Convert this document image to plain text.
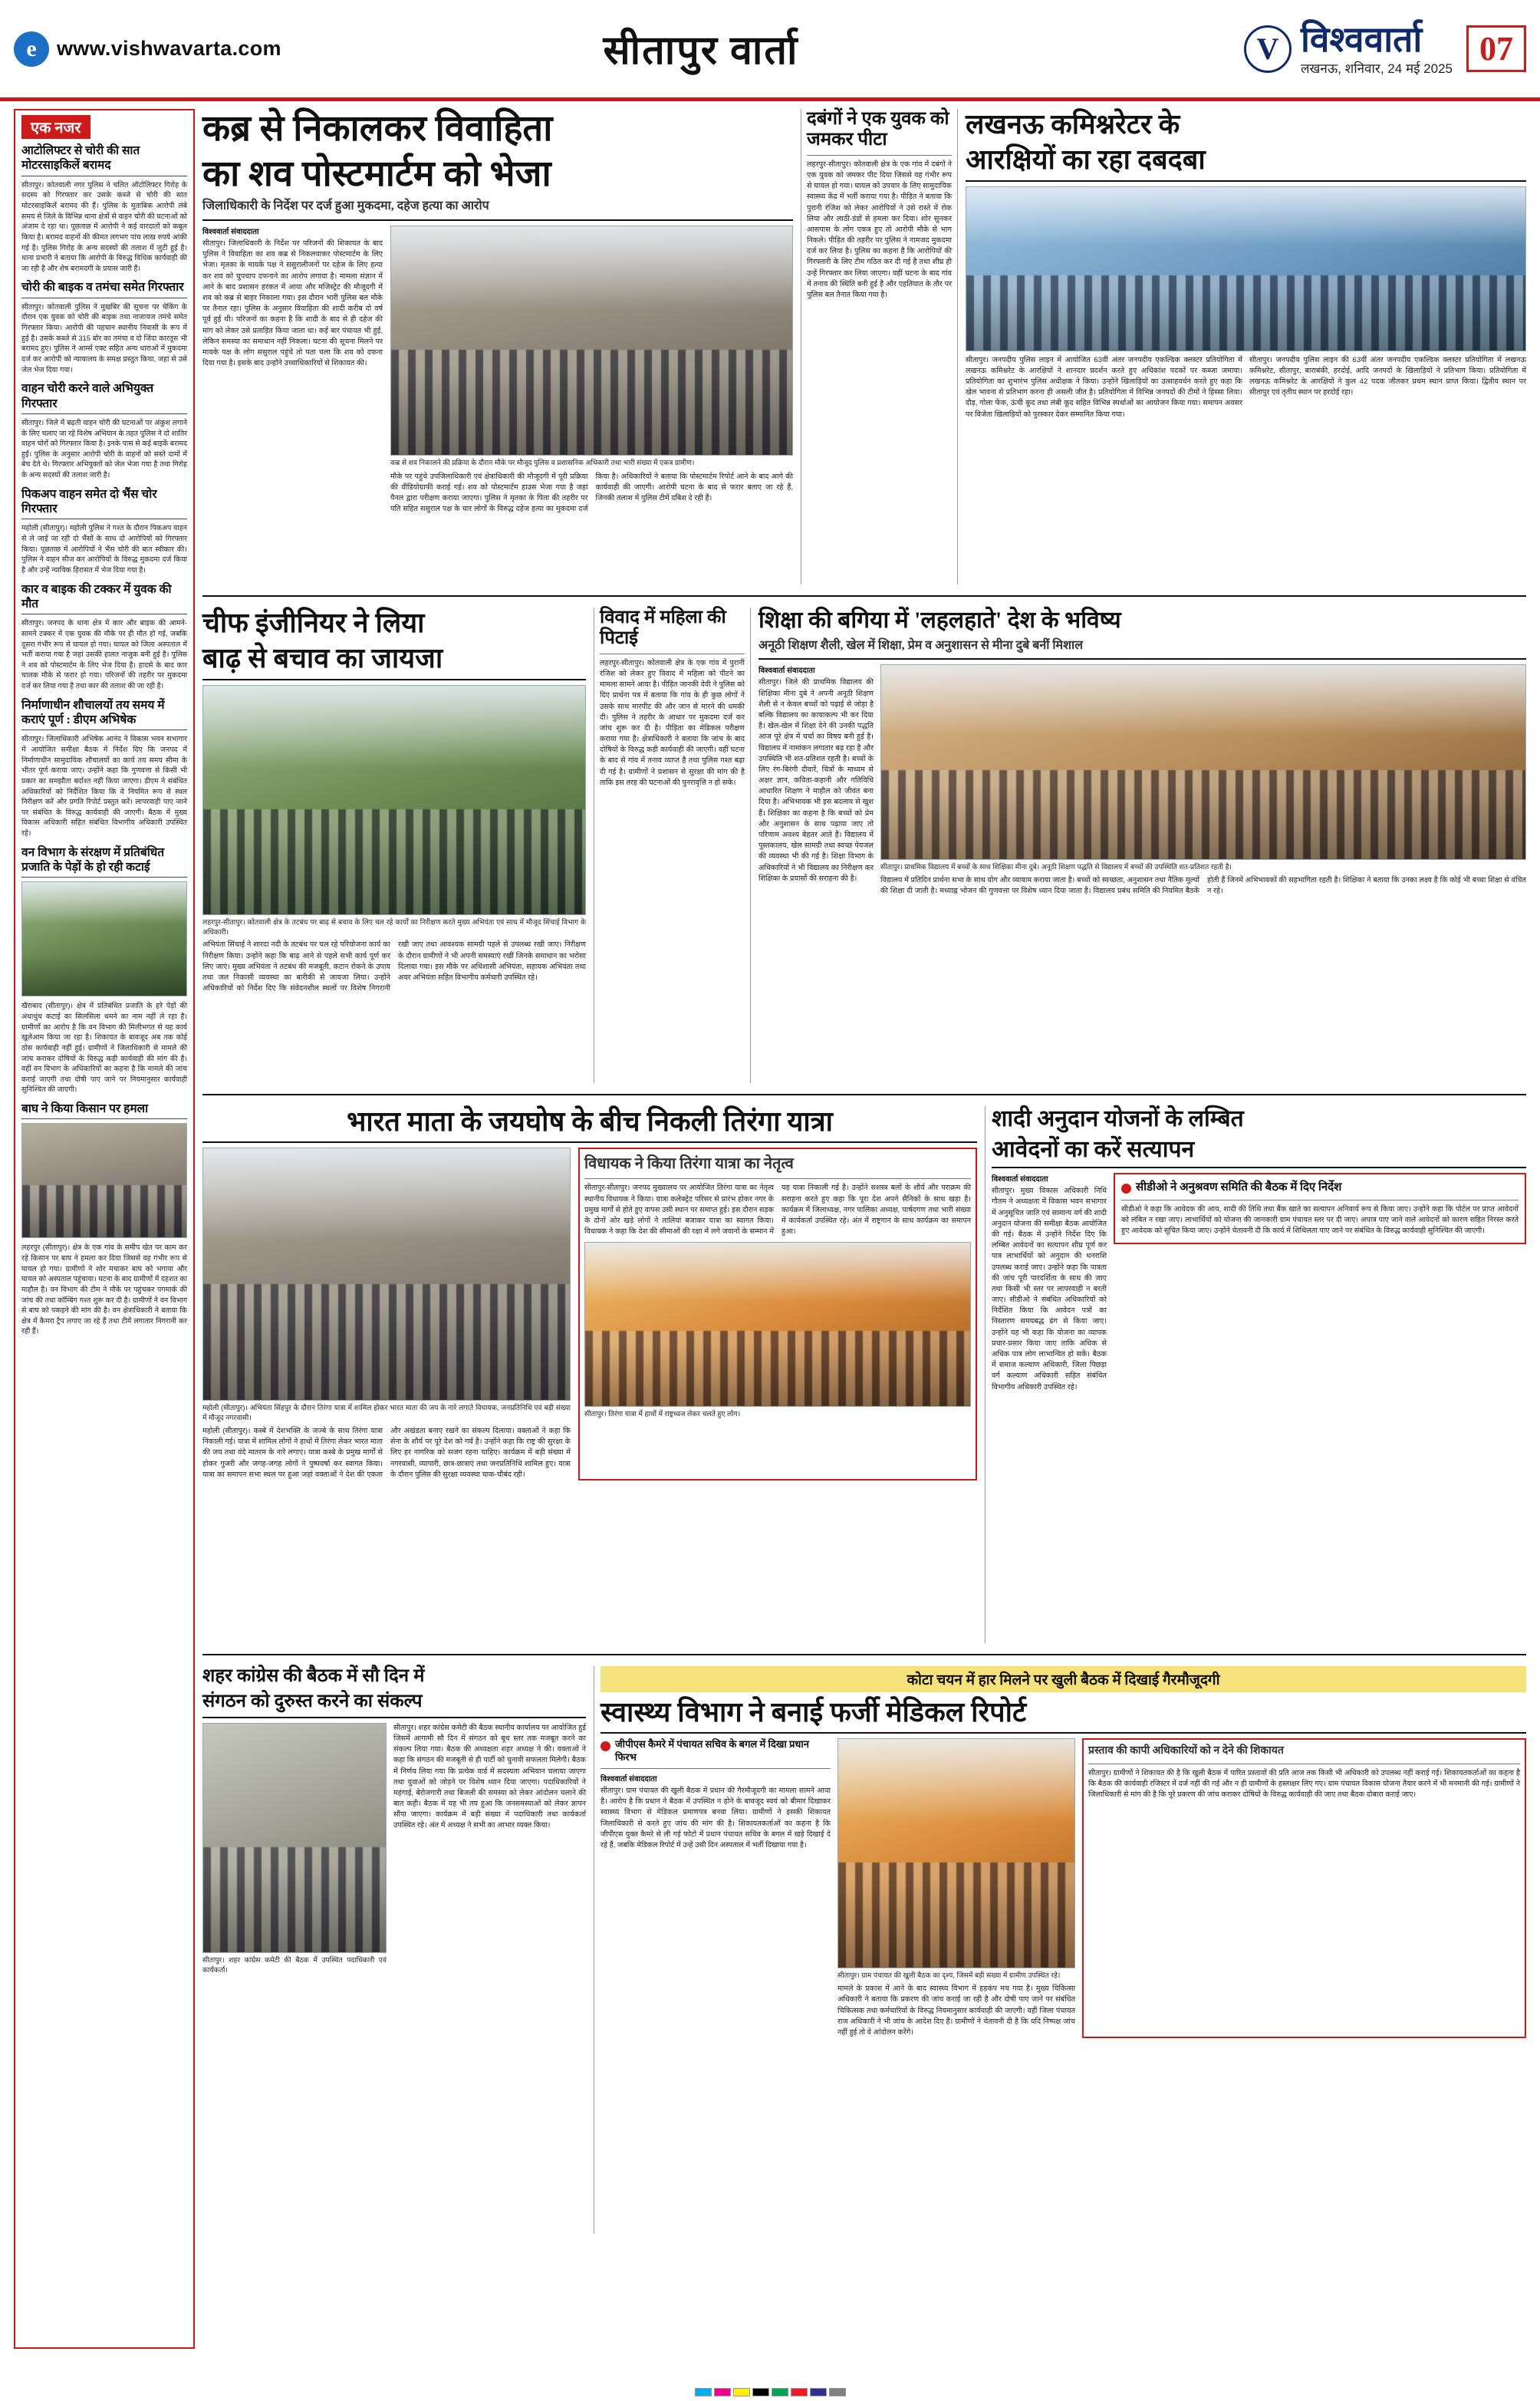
e www.vishwavarta.com	सीतापुर वार्ता	V विश्ववार्ता
लखनऊ, शनिवार, 24 मई 2025
07
एक नजर
आटोलिफ्टर से चोरी की सात मोटरसाइकिलें बरामद
सीतापुर। कोतवाली नगर पुलिस ने चलित ऑटोलिफ्टर गिरोह के सदस्य को गिरफ्तार कर उसके कब्जे से चोरी की सात मोटरसाइकिलें बरामद की हैं। पुलिस के मुताबिक आरोपी लंबे समय से जिले के विभिन्न थाना क्षेत्रों से वाहन चोरी की घटनाओं को अंजाम दे रहा था। पूछताछ में आरोपी ने कई वारदातों को कबूल किया है। बरामद वाहनों की कीमत लगभग पांच लाख रुपये आंकी गई है। पुलिस गिरोह के अन्य सदस्यों की तलाश में जुटी हुई है। थाना प्रभारी ने बताया कि आरोपी के विरुद्ध विधिक कार्यवाही की जा रही है और शेष बरामदगी के प्रयास जारी हैं।
चोरी की बाइक व तमंचा समेत गिरफ्तार
सीतापुर। कोतवाली पुलिस ने मुखबिर की सूचना पर चेकिंग के दौरान एक युवक को चोरी की बाइक तथा नाजायज तमंचे समेत गिरफ्तार किया। आरोपी की पहचान स्थानीय निवासी के रूप में हुई है। उसके कब्जे से 315 बोर का तमंचा व दो जिंदा कारतूस भी बरामद हुए। पुलिस ने आर्म्स एक्ट सहित अन्य धाराओं में मुकदमा दर्ज कर आरोपी को न्यायालय के समक्ष प्रस्तुत किया, जहां से उसे जेल भेज दिया गया।
वाहन चोरी करने वाले अभियुक्त गिरफ्तार
सीतापुर। जिले में बढ़ती वाहन चोरी की घटनाओं पर अंकुश लगाने के लिए चलाए जा रहे विशेष अभियान के तहत पुलिस ने दो शातिर वाहन चोरों को गिरफ्तार किया है। इनके पास से कई बाइकें बरामद हुईं। पुलिस के अनुसार आरोपी चोरी के वाहनों को सस्ते दामों में बेच देते थे। गिरफ्तार अभियुक्तों को जेल भेजा गया है तथा गिरोह के अन्य सदस्यों की तलाश जारी है।
पिकअप वाहन समेत दो भैंस चोर गिरफ्तार
महोली (सीतापुर)। महोली पुलिस ने गश्त के दौरान पिकअप वाहन से ले जाई जा रही दो भैंसों के साथ दो आरोपियों को गिरफ्तार किया। पूछताछ में आरोपियों ने भैंस चोरी की बात स्वीकार की। पुलिस ने वाहन सीज कर आरोपियों के विरुद्ध मुकदमा दर्ज किया है और उन्हें न्यायिक हिरासत में भेज दिया गया है।
कार व बाइक की टक्कर में युवक की मौत
सीतापुर। जनपद के थाना क्षेत्र में कार और बाइक की आमने-सामने टक्कर में एक युवक की मौके पर ही मौत हो गई, जबकि दूसरा गंभीर रूप से घायल हो गया। घायल को जिला अस्पताल में भर्ती कराया गया है जहां उसकी हालत नाजुक बनी हुई है। पुलिस ने शव को पोस्टमार्टम के लिए भेज दिया है। हादसे के बाद कार चालक मौके से फरार हो गया। परिजनों की तहरीर पर मुकदमा दर्ज कर लिया गया है तथा कार की तलाश की जा रही है।
निर्माणाधीन शौचालयों तय समय में कराएं पूर्ण : डीएम अभिषेक
सीतापुर। जिलाधिकारी अभिषेक आनंद ने विकास भवन सभागार में आयोजित समीक्षा बैठक में निर्देश दिए कि जनपद में निर्माणाधीन सामुदायिक शौचालयों का कार्य तय समय सीमा के भीतर पूर्ण कराया जाए। उन्होंने कहा कि गुणवत्ता से किसी भी प्रकार का समझौता बर्दाश्त नहीं किया जाएगा। डीएम ने संबंधित अधिकारियों को निर्देशित किया कि वे नियमित रूप से स्थल निरीक्षण करें और प्रगति रिपोर्ट प्रस्तुत करें। लापरवाही पाए जाने पर संबंधित के विरुद्ध कार्यवाही की जाएगी। बैठक में मुख्य विकास अधिकारी सहित संबंधित विभागीय अधिकारी उपस्थित रहे।
वन विभाग के संरक्षण में प्रतिबंधित प्रजाति के पेड़ों के हो रही कटाई
खैराबाद (सीतापुर)। क्षेत्र में प्रतिबंधित प्रजाति के हरे पेड़ों की अंधाधुंध कटाई का सिलसिला थमने का नाम नहीं ले रहा है। ग्रामीणों का आरोप है कि वन विभाग की मिलीभगत से यह कार्य खुलेआम किया जा रहा है। शिकायत के बावजूद अब तक कोई ठोस कार्यवाही नहीं हुई। ग्रामीणों ने जिलाधिकारी से मामले की जांच कराकर दोषियों के विरुद्ध कड़ी कार्यवाही की मांग की है। वहीं वन विभाग के अधिकारियों का कहना है कि मामले की जांच कराई जाएगी तथा दोषी पाए जाने पर नियमानुसार कार्यवाही सुनिश्चित की जाएगी।
बाघ ने किया किसान पर हमला
लहरपुर (सीतापुर)। क्षेत्र के एक गांव के समीप खेत पर काम कर रहे किसान पर बाघ ने हमला कर दिया जिससे वह गंभीर रूप से घायल हो गया। ग्रामीणों ने शोर मचाकर बाघ को भगाया और घायल को अस्पताल पहुंचाया। घटना के बाद ग्रामीणों में दहशत का माहौल है। वन विभाग की टीम ने मौके पर पहुंचकर पगमार्क की जांच की तथा कॉम्बिंग गश्त शुरू कर दी है। ग्रामीणों ने वन विभाग से बाघ को पकड़ने की मांग की है। वन क्षेत्राधिकारी ने बताया कि क्षेत्र में कैमरा ट्रैप लगाए जा रहे हैं तथा टीमें लगातार निगरानी कर रही हैं।
कब्र से निकालकर विवाहिता
का शव पोस्टमार्टम को भेजा
जिलाधिकारी के निर्देश पर दर्ज हुआ मुकदमा, दहेज हत्या का आरोप
विश्ववार्ता संवाददाता
सीतापुर। जिलाधिकारी के निर्देश पर परिजनों की शिकायत के बाद पुलिस ने विवाहिता का शव कब्र से निकलवाकर पोस्टमार्टम के लिए भेजा। मृतका के मायके पक्ष ने ससुरालीजनों पर दहेज के लिए हत्या कर शव को चुपचाप दफनाने का आरोप लगाया है। मामला संज्ञान में आने के बाद प्रशासन हरकत में आया और मजिस्ट्रेट की मौजूदगी में शव को कब्र से बाहर निकाला गया। इस दौरान भारी पुलिस बल मौके पर तैनात रहा। पुलिस के अनुसार विवाहिता की शादी करीब दो वर्ष पूर्व हुई थी। परिजनों का कहना है कि शादी के बाद से ही दहेज की मांग को लेकर उसे प्रताड़ित किया जाता था। कई बार पंचायत भी हुई, लेकिन समस्या का समाधान नहीं निकला। घटना की सूचना मिलने पर मायके पक्ष के लोग ससुराल पहुंचे तो पता चला कि शव को दफना दिया गया है। इसके बाद उन्होंने उच्चाधिकारियों से शिकायत की।
कब्र से शव निकालने की प्रक्रिया के दौरान मौके पर मौजूद पुलिस व प्रशासनिक अधिकारी तथा भारी संख्या में एकत्र ग्रामीण।
मौके पर पहुंचे उपजिलाधिकारी एवं क्षेत्राधिकारी की मौजूदगी में पूरी प्रक्रिया की वीडियोग्राफी कराई गई। शव को पोस्टमार्टम हाउस भेजा गया है जहां पैनल द्वारा परीक्षण कराया जाएगा। पुलिस ने मृतका के पिता की तहरीर पर पति सहित ससुराल पक्ष के चार लोगों के विरुद्ध दहेज हत्या का मुकदमा दर्ज किया है। अधिकारियों ने बताया कि पोस्टमार्टम रिपोर्ट आने के बाद आगे की कार्यवाही की जाएगी। आरोपी घटना के बाद से फरार बताए जा रहे हैं, जिनकी तलाश में पुलिस टीमें दबिश दे रही हैं।
दबंगों ने एक युवक को जमकर पीटा
लहरपुर-सीतापुर। कोतवाली क्षेत्र के एक गांव में दबंगों ने एक युवक को जमकर पीट दिया जिससे वह गंभीर रूप से घायल हो गया। घायल को उपचार के लिए सामुदायिक स्वास्थ्य केंद्र में भर्ती कराया गया है। पीड़ित ने बताया कि पुरानी रंजिश को लेकर आरोपियों ने उसे रास्ते में रोक लिया और लाठी-डंडों से हमला कर दिया। शोर सुनकर आसपास के लोग एकत्र हुए तो आरोपी मौके से भाग निकले। पीड़ित की तहरीर पर पुलिस ने नामजद मुकदमा दर्ज कर लिया है। पुलिस का कहना है कि आरोपियों की गिरफ्तारी के लिए टीम गठित कर दी गई है तथा शीघ्र ही उन्हें गिरफ्तार कर लिया जाएगा। वहीं घटना के बाद गांव में तनाव की स्थिति बनी हुई है और एहतियात के तौर पर पुलिस बल तैनात किया गया है।
लखनऊ कमिश्नरेटर के
आरक्षियों का रहा दबदबा
सीतापुर। जनपदीय पुलिस लाइन में आयोजित 63वीं अंतर जनपदीय एकल्डिक क्लस्टर प्रतियोगिता में लखनऊ कमिश्नरेट के आरक्षियों ने शानदार प्रदर्शन करते हुए अधिकांश पदकों पर कब्जा जमाया। प्रतियोगिता का शुभारंभ पुलिस अधीक्षक ने किया। उन्होंने खिलाड़ियों का उत्साहवर्धन करते हुए कहा कि खेल भावना से प्रतिभाग करना ही असली जीत है। प्रतियोगिता में विभिन्न जनपदों की टीमों ने हिस्सा लिया। दौड़, गोला फेंक, ऊंची कूद तथा लंबी कूद सहित विभिन्न स्पर्धाओं का आयोजन किया गया। समापन अवसर पर विजेता खिलाड़ियों को पुरस्कार देकर सम्मानित किया गया।
सीतापुर। जनपदीय पुलिस लाइन की 63वीं अंतर जनपदीय एकल्डिक क्लस्टर प्रतियोगिता में लखनऊ कमिश्नरेट, सीतापुर, बाराबंकी, हरदोई, आदि जनपदों के खिलाड़ियों ने प्रतिभाग किया। प्रतियोगिता में लखनऊ कमिश्नरेट के आरक्षियों ने कुल 42 पदक जीतकर प्रथम स्थान प्राप्त किया। द्वितीय स्थान पर सीतापुर एवं तृतीय स्थान पर हरदोई रहा।
चीफ इंजीनियर ने लिया
बाढ़ से बचाव का जायजा
लहरपुर-सीतापुर। कोतवाली क्षेत्र के तटबंध पर बाढ़ से बचाव के लिए चल रहे कार्यों का निरीक्षण करते मुख्य अभियंता एवं साथ में मौजूद सिंचाई विभाग के अधिकारी।
अभियंता सिंचाई ने शारदा नदी के तटबंध पर चल रहे परियोजना कार्य का निरीक्षण किया। उन्होंने कहा कि बाढ़ आने से पहले सभी कार्य पूर्ण कर लिए जाएं। मुख्य अभियंता ने तटबंध की मजबूती, कटान रोकने के उपाय तथा जल निकासी व्यवस्था का बारीकी से जायजा लिया। उन्होंने अधिकारियों को निर्देश दिए कि संवेदनशील स्थलों पर विशेष निगरानी रखी जाए तथा आवश्यक सामग्री पहले से उपलब्ध रखी जाए। निरीक्षण के दौरान ग्रामीणों ने भी अपनी समस्याएं रखीं जिनके समाधान का भरोसा दिलाया गया। इस मौके पर अधिशासी अभियंता, सहायक अभियंता तथा अवर अभियंता सहित विभागीय कर्मचारी उपस्थित रहे।
विवाद में महिला की पिटाई
लहरपुर-सीतापुर। कोतवाली क्षेत्र के एक गांव में पुरानी रंजिश को लेकर हुए विवाद में महिला को पीटने का मामला सामने आया है। पीड़ित जानकी देवी ने पुलिस को दिए प्रार्थना पत्र में बताया कि गांव के ही कुछ लोगों ने उसके साथ मारपीट की और जान से मारने की धमकी दी। पुलिस ने तहरीर के आधार पर मुकदमा दर्ज कर जांच शुरू कर दी है। पीड़िता का मेडिकल परीक्षण कराया गया है। क्षेत्राधिकारी ने बताया कि जांच के बाद दोषियों के विरुद्ध कड़ी कार्यवाही की जाएगी। वहीं घटना के बाद से गांव में तनाव व्याप्त है तथा पुलिस गश्त बढ़ा दी गई है। ग्रामीणों ने प्रशासन से सुरक्षा की मांग की है ताकि इस तरह की घटनाओं की पुनरावृत्ति न हो सके।
शिक्षा की बगिया में 'लहलहाते' देश के भविष्य
अनूठी शिक्षण शैली, खेल में शिक्षा, प्रेम व अनुशासन से मीना दुबे बनीं मिशाल
विश्ववार्ता संवाददाता
सीतापुर। जिले की प्राथमिक विद्यालय की शिक्षिका मीना दुबे ने अपनी अनूठी शिक्षण शैली से न केवल बच्चों को पढ़ाई से जोड़ा है बल्कि विद्यालय का कायाकल्प भी कर दिया है। खेल-खेल में शिक्षा देने की उनकी पद्धति आज पूरे क्षेत्र में चर्चा का विषय बनी हुई है। विद्यालय में नामांकन लगातार बढ़ रहा है और उपस्थिति भी शत-प्रतिशत रहती है। बच्चों के लिए रंग-बिरंगी दीवारें, चित्रों के माध्यम से अक्षर ज्ञान, कविता-कहानी और गतिविधि आधारित शिक्षण ने माहौल को जीवंत बना दिया है। अभिभावक भी इस बदलाव से खुश हैं। शिक्षिका का कहना है कि बच्चों को प्रेम और अनुशासन के साथ पढ़ाया जाए तो परिणाम अवश्य बेहतर आते हैं। विद्यालय में पुस्तकालय, खेल सामग्री तथा स्वच्छ पेयजल की व्यवस्था भी की गई है। शिक्षा विभाग के अधिकारियों ने भी विद्यालय का निरीक्षण कर शिक्षिका के प्रयासों की सराहना की है।
सीतापुर। प्राथमिक विद्यालय में बच्चों के साथ शिक्षिका मीना दुबे। अनूठी शिक्षण पद्धति से विद्यालय में बच्चों की उपस्थिति शत-प्रतिशत रहती है।
विद्यालय में प्रतिदिन प्रार्थना सभा के साथ योग और व्यायाम कराया जाता है। बच्चों को स्वच्छता, अनुशासन तथा नैतिक मूल्यों की शिक्षा दी जाती है। मध्याह्न भोजन की गुणवत्ता पर विशेष ध्यान दिया जाता है। विद्यालय प्रबंध समिति की नियमित बैठकें होती हैं जिनमें अभिभावकों की सहभागिता रहती है। शिक्षिका ने बताया कि उनका लक्ष्य है कि कोई भी बच्चा शिक्षा से वंचित न रहे।
भारत माता के जयघोष के बीच निकली तिरंगा यात्रा
महोली (सीतापुर)। अभियंता सिंहपुर के दौरान तिरंगा यात्रा में शामिल होकर भारत माता की जय के नारे लगाते विधायक, जनप्रतिनिधि एवं बड़ी संख्या में मौजूद नगरवासी।
महोली (सीतापुर)। कस्बे में देशभक्ति के जज्बे के साथ तिरंगा यात्रा निकाली गई। यात्रा में शामिल लोगों ने हाथों में तिरंगा लेकर भारत माता की जय तथा वंदे मातरम के नारे लगाए। यात्रा कस्बे के प्रमुख मार्गों से होकर गुजरी और जगह-जगह लोगों ने पुष्पवर्षा कर स्वागत किया। यात्रा का समापन सभा स्थल पर हुआ जहां वक्ताओं ने देश की एकता और अखंडता बनाए रखने का संकल्प दिलाया। वक्ताओं ने कहा कि सेना के शौर्य पर पूरे देश को गर्व है। उन्होंने कहा कि राष्ट्र की सुरक्षा के लिए हर नागरिक को सजग रहना चाहिए। कार्यक्रम में बड़ी संख्या में नगरवासी, व्यापारी, छात्र-छात्राएं तथा जनप्रतिनिधि शामिल हुए। यात्रा के दौरान पुलिस की सुरक्षा व्यवस्था चाक-चौबंद रही।
विधायक ने किया तिरंगा यात्रा का नेतृत्व
सीतापुर-सीतापुर। जनपद मुख्यालय पर आयोजित तिरंगा यात्रा का नेतृत्व स्थानीय विधायक ने किया। यात्रा कलेक्ट्रेट परिसर से प्रारंभ होकर नगर के प्रमुख मार्गों से होते हुए वापस उसी स्थान पर समाप्त हुई। इस दौरान सड़क के दोनों ओर खड़े लोगों ने तालियां बजाकर यात्रा का स्वागत किया। विधायक ने कहा कि देश की सीमाओं की रक्षा में लगे जवानों के सम्मान में यह यात्रा निकाली गई है। उन्होंने सशस्त्र बलों के शौर्य और पराक्रम की सराहना करते हुए कहा कि पूरा देश अपने सैनिकों के साथ खड़ा है। कार्यक्रम में जिलाध्यक्ष, नगर पालिका अध्यक्ष, पार्षदगण तथा भारी संख्या में कार्यकर्ता उपस्थित रहे। अंत में राष्ट्रगान के साथ कार्यक्रम का समापन हुआ।
सीतापुर। तिरंगा यात्रा में हाथों में राष्ट्रध्वज लेकर चलते हुए लोग।
शादी अनुदान योजनों के लम्बित
आवेदनों का करें सत्यापन
विश्ववार्ता संवाददाता
सीतापुर। मुख्य विकास अधिकारी निधि गौतम ने अध्यक्षता में विकास भवन सभागार में अनुसूचित जाति एवं सामान्य वर्ग की शादी अनुदान योजना की समीक्षा बैठक आयोजित की गई। बैठक में उन्होंने निर्देश दिए कि लम्बित आवेदनों का सत्यापन शीघ्र पूर्ण कर पात्र लाभार्थियों को अनुदान की धनराशि उपलब्ध कराई जाए। उन्होंने कहा कि पात्रता की जांच पूरी पारदर्शिता के साथ की जाए तथा किसी भी स्तर पर लापरवाही न बरती जाए। सीडीओ ने संबंधित अधिकारियों को निर्देशित किया कि आवेदन पत्रों का निस्तारण समयबद्ध ढंग से किया जाए। उन्होंने यह भी कहा कि योजना का व्यापक प्रचार-प्रसार किया जाए ताकि अधिक से अधिक पात्र लोग लाभान्वित हो सकें। बैठक में समाज कल्याण अधिकारी, जिला पिछड़ा वर्ग कल्याण अधिकारी सहित संबंधित विभागीय अधिकारी उपस्थित रहे।
सीडीओ ने अनुश्रवण समिति की बैठक में दिए निर्देश
सीडीओ ने कहा कि आवेदक की आय, शादी की तिथि तथा बैंक खाते का सत्यापन अनिवार्य रूप से किया जाए। उन्होंने कहा कि पोर्टल पर प्राप्त आवेदनों को लंबित न रखा जाए। लाभार्थियों को योजना की जानकारी ग्राम पंचायत स्तर पर दी जाए। अपात्र पाए जाने वाले आवेदनों को कारण सहित निरस्त करते हुए आवेदक को सूचित किया जाए। उन्होंने चेतावनी दी कि कार्य में शिथिलता पाए जाने पर संबंधित के विरुद्ध कार्यवाही सुनिश्चित की जाएगी।
शहर कांग्रेस की बैठक में सौ दिन में
संगठन को दुरुस्त करने का संकल्प
सीतापुर। शहर कांग्रेस कमेटी की बैठक में उपस्थित पदाधिकारी एवं कार्यकर्ता।
सीतापुर। शहर कांग्रेस कमेटी की बैठक स्थानीय कार्यालय पर आयोजित हुई जिसमें आगामी सौ दिन में संगठन को बूथ स्तर तक मजबूत करने का संकल्प लिया गया। बैठक की अध्यक्षता शहर अध्यक्ष ने की। वक्ताओं ने कहा कि संगठन की मजबूती से ही पार्टी को चुनावी सफलता मिलेगी। बैठक में निर्णय लिया गया कि प्रत्येक वार्ड में सदस्यता अभियान चलाया जाएगा तथा युवाओं को जोड़ने पर विशेष ध्यान दिया जाएगा। पदाधिकारियों ने महंगाई, बेरोजगारी तथा बिजली की समस्या को लेकर आंदोलन चलाने की बात कही। बैठक में यह भी तय हुआ कि जनसमस्याओं को लेकर ज्ञापन सौंपा जाएगा। कार्यक्रम में बड़ी संख्या में पदाधिकारी तथा कार्यकर्ता उपस्थित रहे। अंत में अध्यक्ष ने सभी का आभार व्यक्त किया।
कोटा चयन में हार मिलने पर खुली बैठक में दिखाई गैरमौजूदगी
स्वास्थ्य विभाग ने बनाई फर्जी मेडिकल रिपोर्ट
जीपीएस कैमरे में पंचायत सचिव के बगल में दिखा प्रधान फिरभ
विश्ववार्ता संवाददाता
सीतापुर। ग्राम पंचायत की खुली बैठक में प्रधान की गैरमौजूदगी का मामला सामने आया है। आरोप है कि प्रधान ने बैठक में उपस्थित न होने के बावजूद स्वयं को बीमार दिखाकर स्वास्थ्य विभाग से मेडिकल प्रमाणपत्र बनवा लिया। ग्रामीणों ने इसकी शिकायत जिलाधिकारी से करते हुए जांच की मांग की है। शिकायतकर्ताओं का कहना है कि जीपीएस युक्त कैमरे से ली गई फोटो में प्रधान पंचायत सचिव के बगल में खड़े दिखाई दे रहे हैं, जबकि मेडिकल रिपोर्ट में उन्हें उसी दिन अस्पताल में भर्ती दिखाया गया है।
सीतापुर। ग्राम पंचायत की खुली बैठक का दृश्य, जिसमें बड़ी संख्या में ग्रामीण उपस्थित रहे।
मामले के प्रकाश में आने के बाद स्वास्थ्य विभाग में हड़कंप मच गया है। मुख्य चिकित्सा अधिकारी ने बताया कि प्रकरण की जांच कराई जा रही है और दोषी पाए जाने पर संबंधित चिकित्सक तथा कर्मचारियों के विरुद्ध नियमानुसार कार्यवाही की जाएगी। वहीं जिला पंचायत राज अधिकारी ने भी जांच के आदेश दिए हैं। ग्रामीणों ने चेतावनी दी है कि यदि निष्पक्ष जांच नहीं हुई तो वे आंदोलन करेंगे।
प्रस्ताव की कापी अधिकारियों को न देने की शिकायत
सीतापुर। ग्रामीणों ने शिकायत की है कि खुली बैठक में पारित प्रस्तावों की प्रति आज तक किसी भी अधिकारी को उपलब्ध नहीं कराई गई। शिकायतकर्ताओं का कहना है कि बैठक की कार्यवाही रजिस्टर में दर्ज नहीं की गई और न ही ग्रामीणों के हस्ताक्षर लिए गए। ग्राम पंचायत विकास योजना तैयार करने में भी मनमानी की गई। ग्रामीणों ने जिलाधिकारी से मांग की है कि पूरे प्रकरण की जांच कराकर दोषियों के विरुद्ध कार्यवाही की जाए तथा बैठक दोबारा कराई जाए।
